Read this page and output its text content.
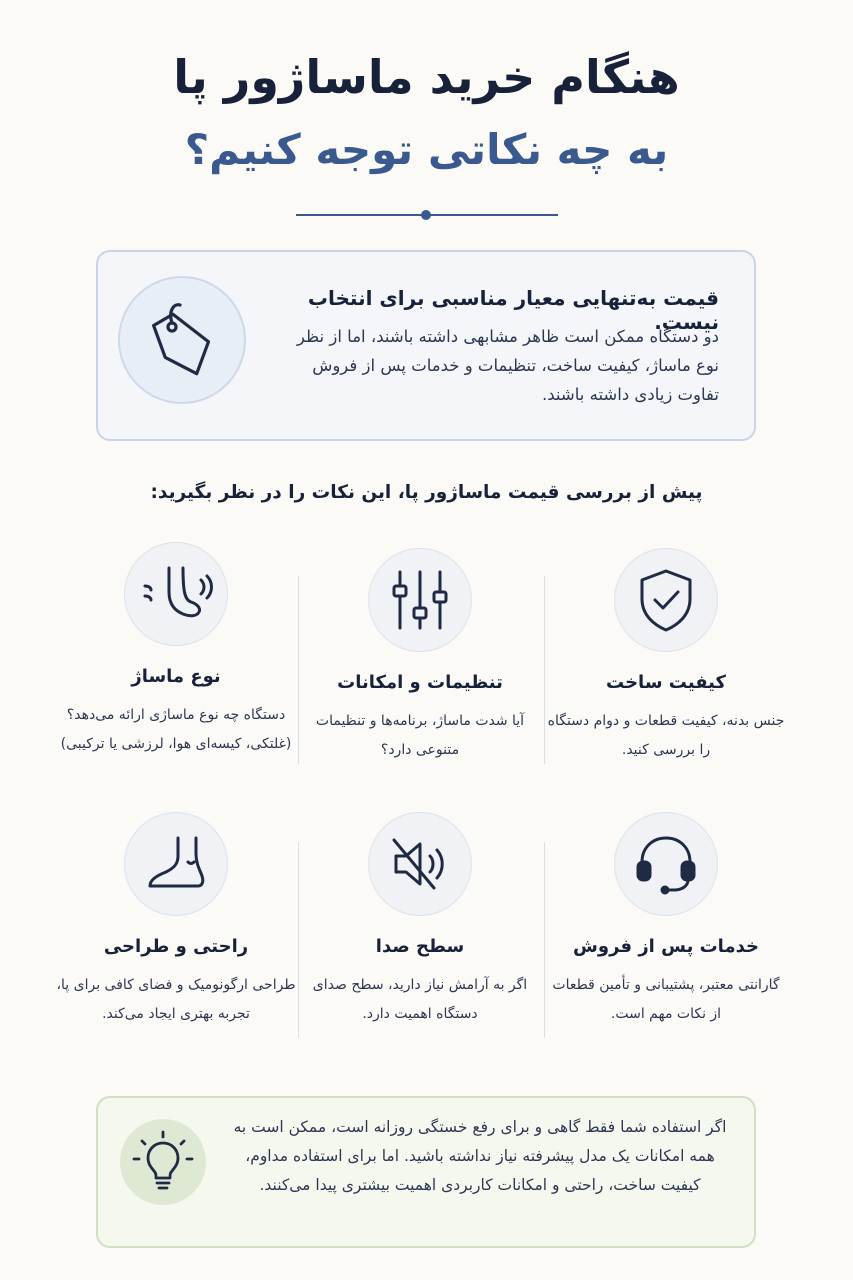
هنگام خرید ماساژور پا
به چه نکاتی توجه کنیم؟
قیمت به‌تنهایی معیار مناسبی برای انتخاب نیست.
دو دستگاه ممکن است ظاهر مشابهی داشته باشند، اما از نظر نوع ماساژ، کیفیت ساخت، تنظیمات و خدمات پس از فروش تفاوت زیادی داشته باشند.
پیش از بررسی قیمت ماساژور پا، این نکات را در نظر بگیرید:
کیفیت ساخت
جنس بدنه، کیفیت قطعات و دوام دستگاه را بررسی کنید.
تنظیمات و امکانات
آیا شدت ماساژ، برنامه‌ها و تنظیمات متنوعی دارد؟
نوع ماساژ
دستگاه چه نوع ماساژی ارائه می‌دهد؟ (غلتکی، کیسه‌ای هوا، لرزشی یا ترکیبی)
خدمات پس از فروش
گارانتی معتبر، پشتیبانی و تأمین قطعات از نکات مهم است.
سطح صدا
اگر به آرامش نیاز دارید، سطح صدای دستگاه اهمیت دارد.
راحتی و طراحی
طراحی ارگونومیک و فضای کافی برای پا، تجربه بهتری ایجاد می‌کند.
اگر استفاده شما فقط گاهی و برای رفع خستگی روزانه است، ممکن است به همه امکانات یک مدل پیشرفته نیاز نداشته باشید. اما برای استفاده مداوم، کیفیت ساخت، راحتی و امکانات کاربردی اهمیت بیشتری پیدا می‌کنند.
